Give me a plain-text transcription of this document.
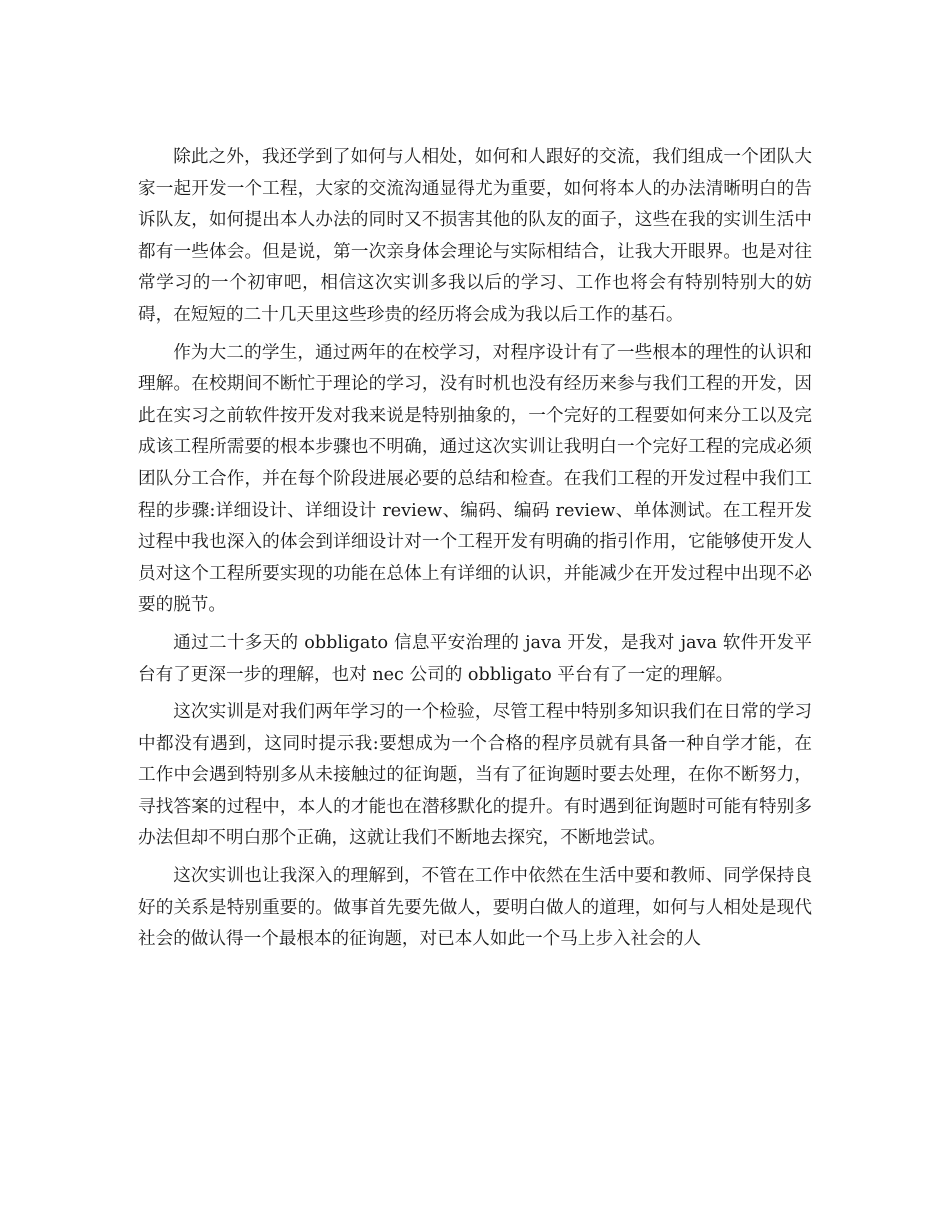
除此之外，我还学到了如何与人相处，如何和人跟好的交流，我们组成一个团队大家一起开发一个工程，大家的交流沟通显得尤为重要，如何将本人的办法清晰明白的告诉队友，如何提出本人办法的同时又不损害其他的队友的面子，这些在我的实训生活中都有一些体会。但是说，第一次亲身体会理论与实际相结合，让我大开眼界。也是对往常学习的一个初审吧，相信这次实训多我以后的学习、工作也将会有特别特别大的妨碍，在短短的二十几天里这些珍贵的经历将会成为我以后工作的基石。

作为大二的学生，通过两年的在校学习，对程序设计有了一些根本的理性的认识和理解。在校期间不断忙于理论的学习，没有时机也没有经历来参与我们工程的开发，因此在实习之前软件按开发对我来说是特别抽象的，一个完好的工程要如何来分工以及完成该工程所需要的根本步骤也不明确，通过这次实训让我明白一个完好工程的完成必须团队分工合作，并在每个阶段进展必要的总结和检查。在我们工程的开发过程中我们工程的步骤:详细设计、详细设计 review、编码、编码 review、单体测试。在工程开发过程中我也深入的体会到详细设计对一个工程开发有明确的指引作用，它能够使开发人员对这个工程所要实现的功能在总体上有详细的认识，并能减少在开发过程中出现不必要的脱节。

通过二十多天的 obbligato 信息平安治理的 java 开发，是我对 java 软件开发平台有了更深一步的理解，也对 nec 公司的 obbligato 平台有了一定的理解。

这次实训是对我们两年学习的一个检验，尽管工程中特别多知识我们在日常的学习中都没有遇到，这同时提示我:要想成为一个合格的程序员就有具备一种自学才能，在工作中会遇到特别多从未接触过的征询题，当有了征询题时要去处理，在你不断努力，寻找答案的过程中，本人的才能也在潜移默化的提升。有时遇到征询题时可能有特别多办法但却不明白那个正确，这就让我们不断地去探究，不断地尝试。

这次实训也让我深入的理解到，不管在工作中依然在生活中要和教师、同学保持良好的关系是特别重要的。做事首先要先做人，要明白做人的道理，如何与人相处是现代社会的做认得一个最根本的征询题，对已本人如此一个马上步入社会的人
